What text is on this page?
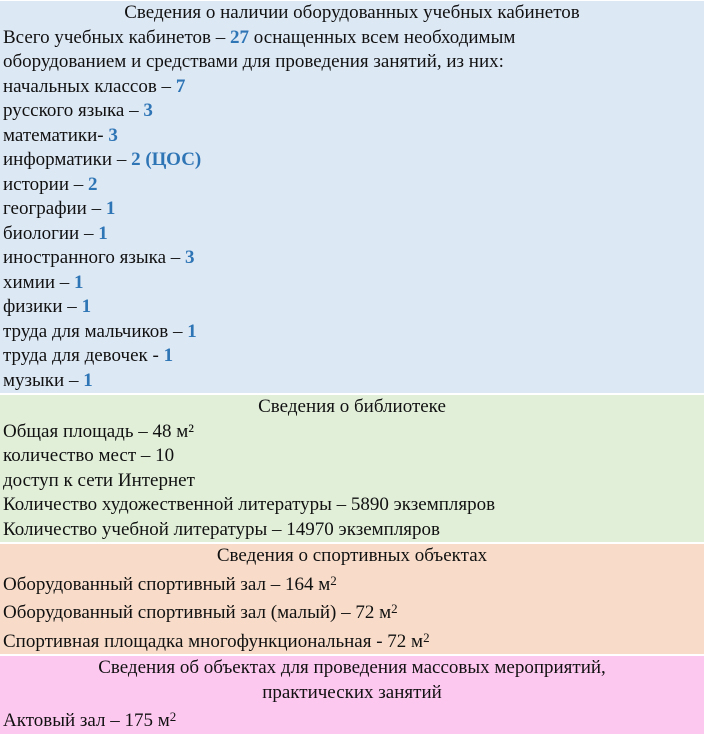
Сведения о наличии оборудованных учебных кабинетов
Всего учебных кабинетов – 27 оснащенных всем необходимым
оборудованием и средствами для проведения занятий, из них:
начальных классов – 7
русского языка – 3
математики- 3
информатики – 2 (ЦОС)
истории – 2
географии – 1
биологии – 1
иностранного языка – 3
химии – 1
физики – 1
труда для мальчиков – 1
труда для девочек - 1
музыки – 1
Сведения о библиотеке
Общая площадь – 48 м²
количество мест – 10
доступ к сети Интернет
Количество художественной литературы – 5890 экземпляров
Количество учебной литературы – 14970 экземпляров
Сведения о спортивных объектах
Оборудованный спортивный зал – 164 $м^2$
Оборудованный спортивный зал (малый) – 72 $м^2$
Спортивная площадка многофункциональная - 72 $м^2$
Сведения об объектах для проведения массовых мероприятий,
практических занятий
Актовый зал – 175 $м^2$
